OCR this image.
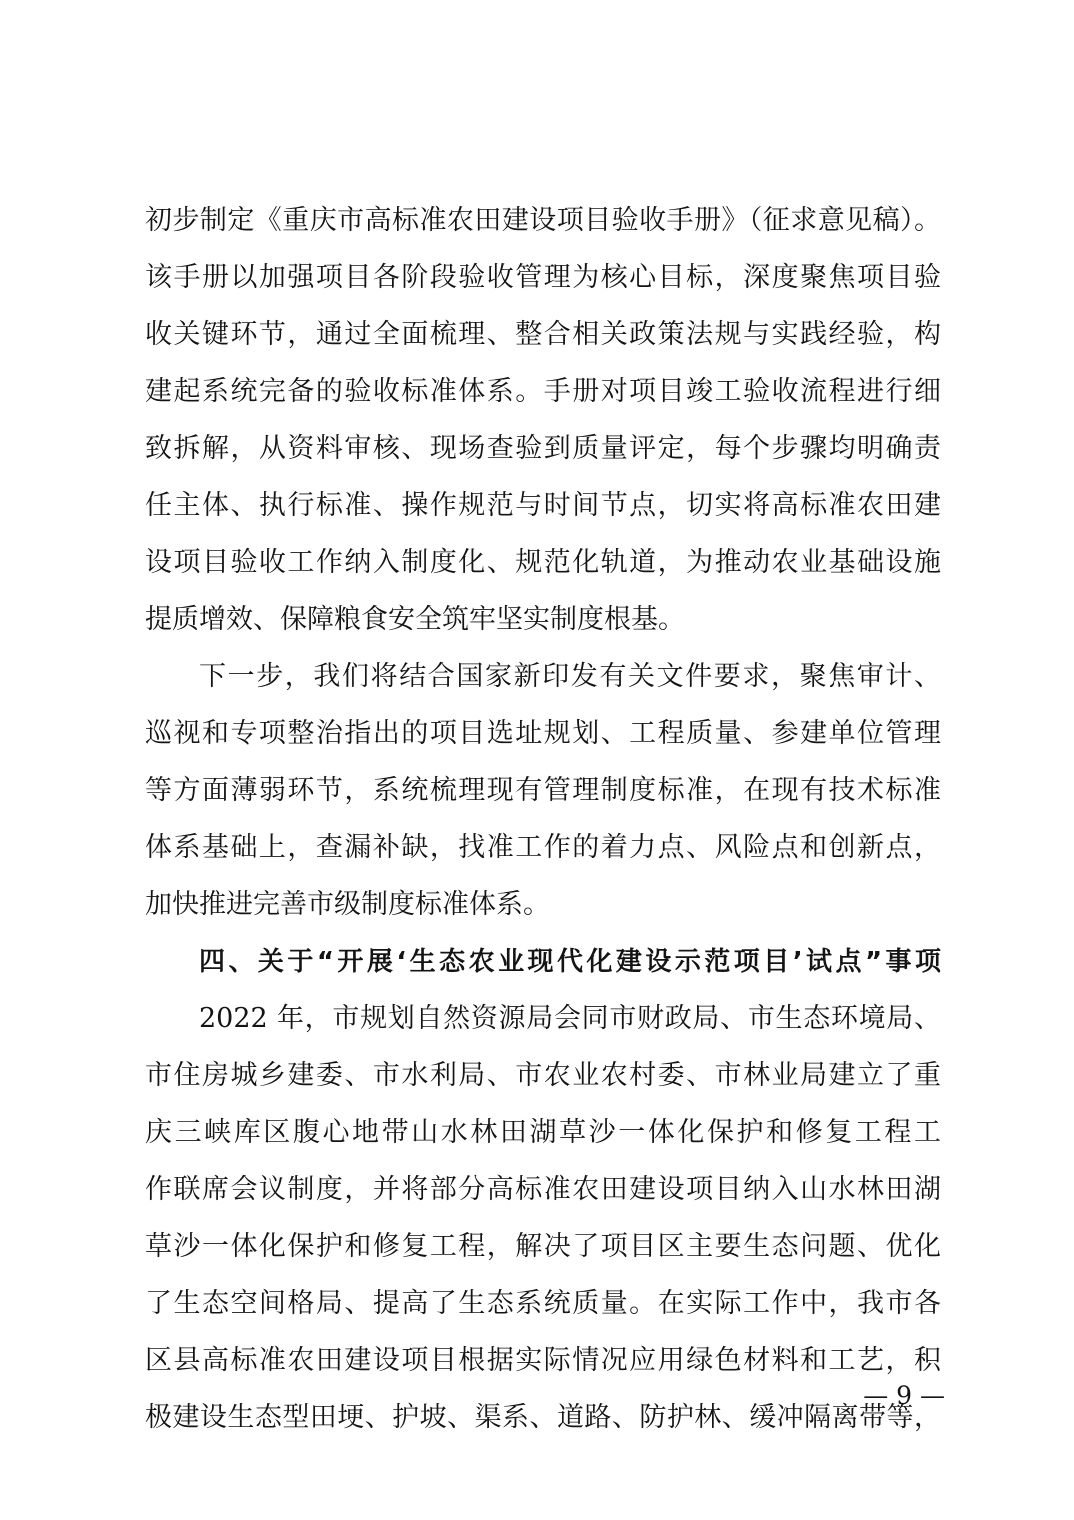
初步制定《重庆市高标准农田建设项目验收手册》（征求意见稿）。
该手册以加强项目各阶段验收管理为核心目标，深度聚焦项目验
收关键环节，通过全面梳理、整合相关政策法规与实践经验，构
建起系统完备的验收标准体系。手册对项目竣工验收流程进行细
致拆解，从资料审核、现场查验到质量评定，每个步骤均明确责
任主体、执行标准、操作规范与时间节点，切实将高标准农田建
设项目验收工作纳入制度化、规范化轨道，为推动农业基础设施
提质增效、保障粮食安全筑牢坚实制度根基。
下一步，我们将结合国家新印发有关文件要求，聚焦审计、
巡视和专项整治指出的项目选址规划、工程质量、参建单位管理
等方面薄弱环节，系统梳理现有管理制度标准，在现有技术标准
体系基础上，查漏补缺，找准工作的着力点、风险点和创新点，
加快推进完善市级制度标准体系。
四、关于“开展‘生态农业现代化建设示范项目’试点”事项
2022 年，市规划自然资源局会同市财政局、市生态环境局、
市住房城乡建委、市水利局、市农业农村委、市林业局建立了重
庆三峡库区腹心地带山水林田湖草沙一体化保护和修复工程工
作联席会议制度，并将部分高标准农田建设项目纳入山水林田湖
草沙一体化保护和修复工程，解决了项目区主要生态问题、优化
了生态空间格局、提高了生态系统质量。在实际工作中，我市各
区县高标准农田建设项目根据实际情况应用绿色材料和工艺，积
极建设生态型田埂、护坡、渠系、道路、防护林、缓冲隔离带等，
— 9 —
